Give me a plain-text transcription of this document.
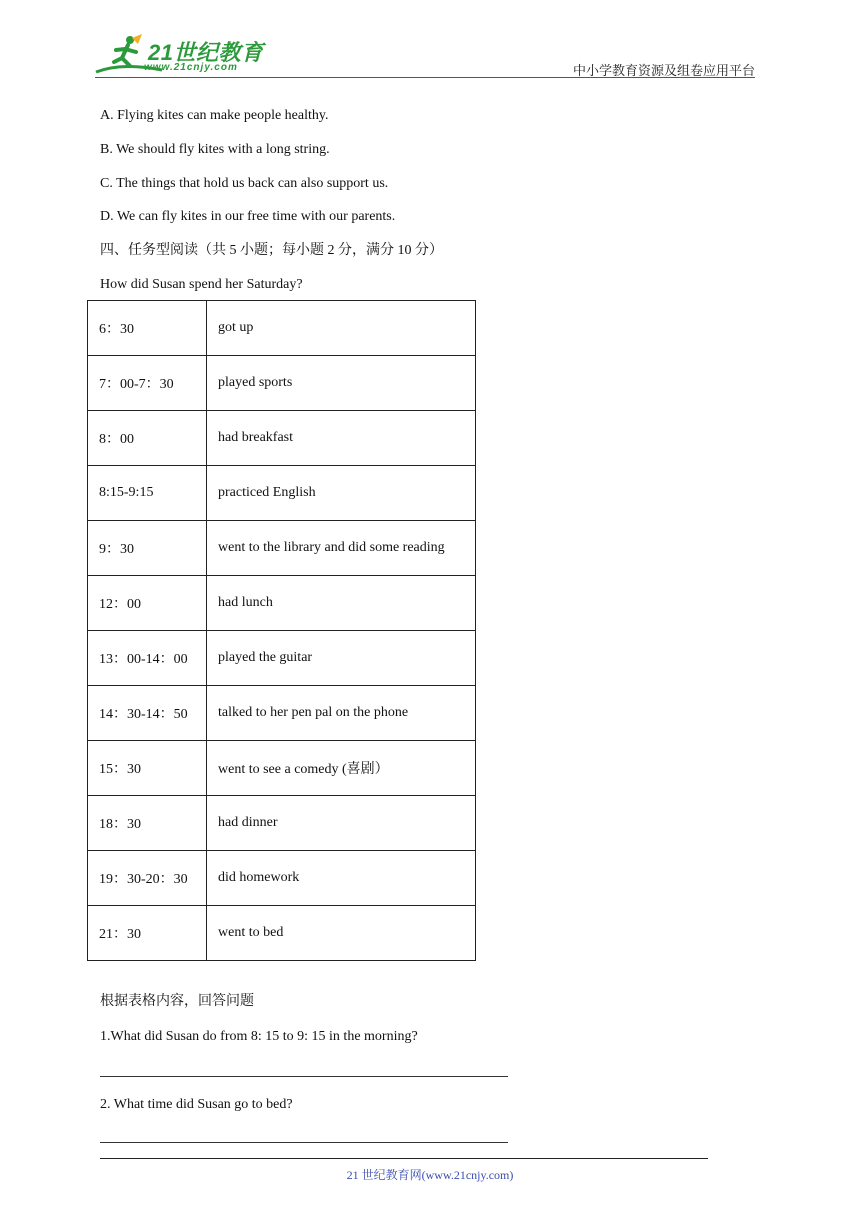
21世纪教育
www.21cnjy.com	中小学教育资源及组卷应用平台
A. Flying kites can make people healthy.
B. We should fly kites with a long string.
C. The things that hold us back can also support us.
D. We can fly kites in our free time with our parents.
四、任务型阅读（共 5 小题；每小题 2 分，满分 10 分）
How did Susan spend her Saturday?
6：30	got up
7：00-7：30	played sports
8：00	had breakfast
8:15-9:15	practiced English
9：30	went to the library and did some reading
12：00	had lunch
13：00-14：00	played the guitar
14：30-14：50	talked to her pen pal on the phone
15：30	went to see a comedy (喜剧）
18：30	had dinner
19：30-20：30	did homework
21：30	went to bed
根据表格内容，回答问题
1.What did Susan do from 8: 15 to 9: 15 in the morning?
2. What time did Susan go to bed?
21 世纪教育网(www.21cnjy.com)
